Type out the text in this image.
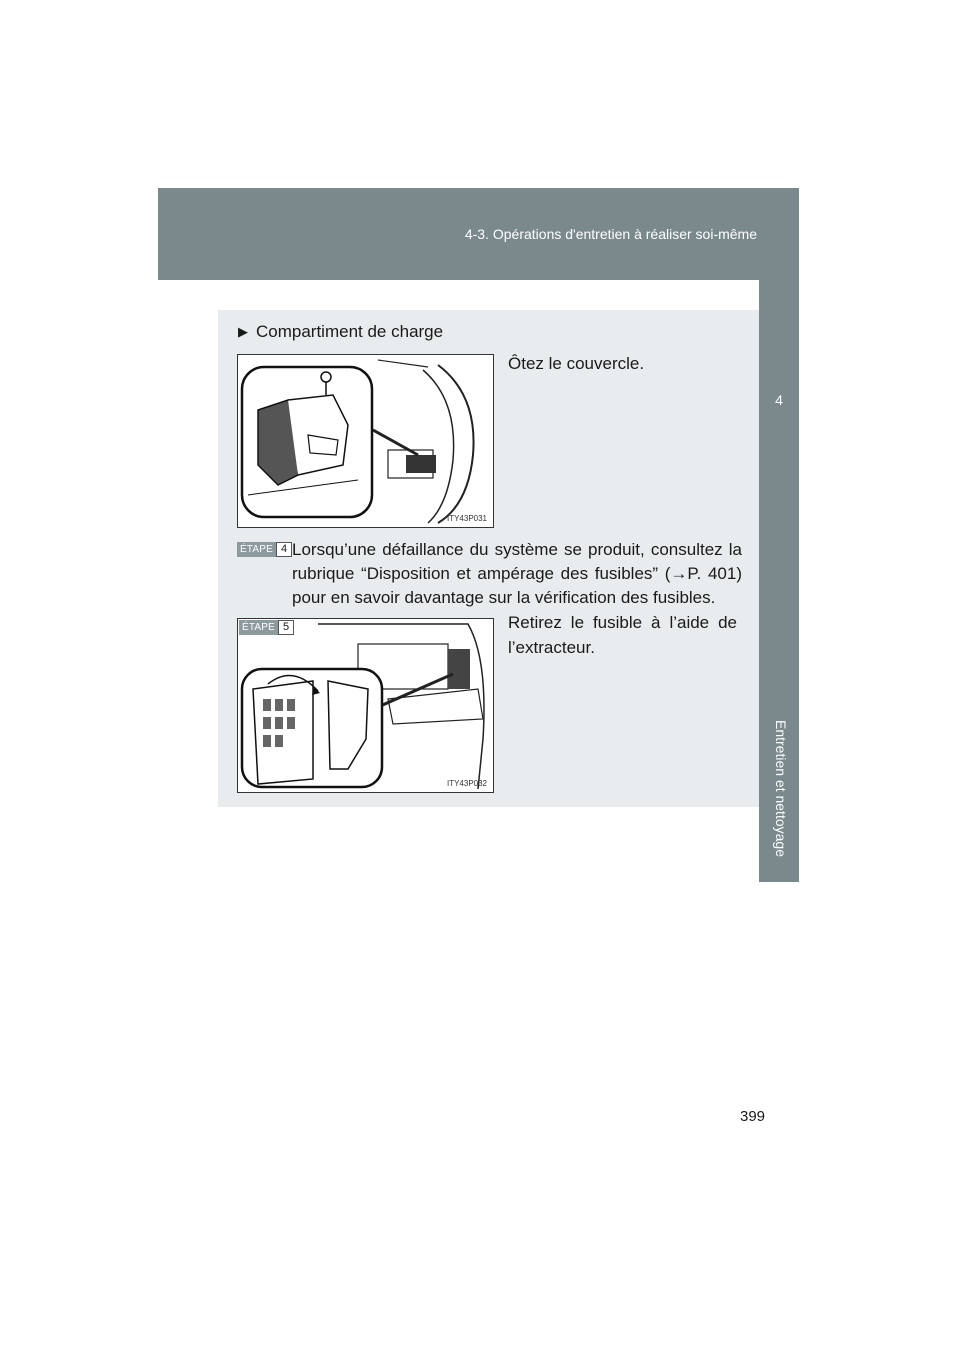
4-3. Opérations d'entretien à réaliser soi-même
4
Entretien et nettoyage
▶ Compartiment de charge
ITY43P031
Ôtez le couvercle.
ÉTAPE 4 Lorsqu’une défaillance du système se produit, consultez la rubrique “Disposition et ampérage des fusibles” (→P. 401) pour en savoir davantage sur la vérification des fusibles.
ITY43P032
ÉTAPE 5	Retirez le fusible à l’aide de l’extracteur.
399
